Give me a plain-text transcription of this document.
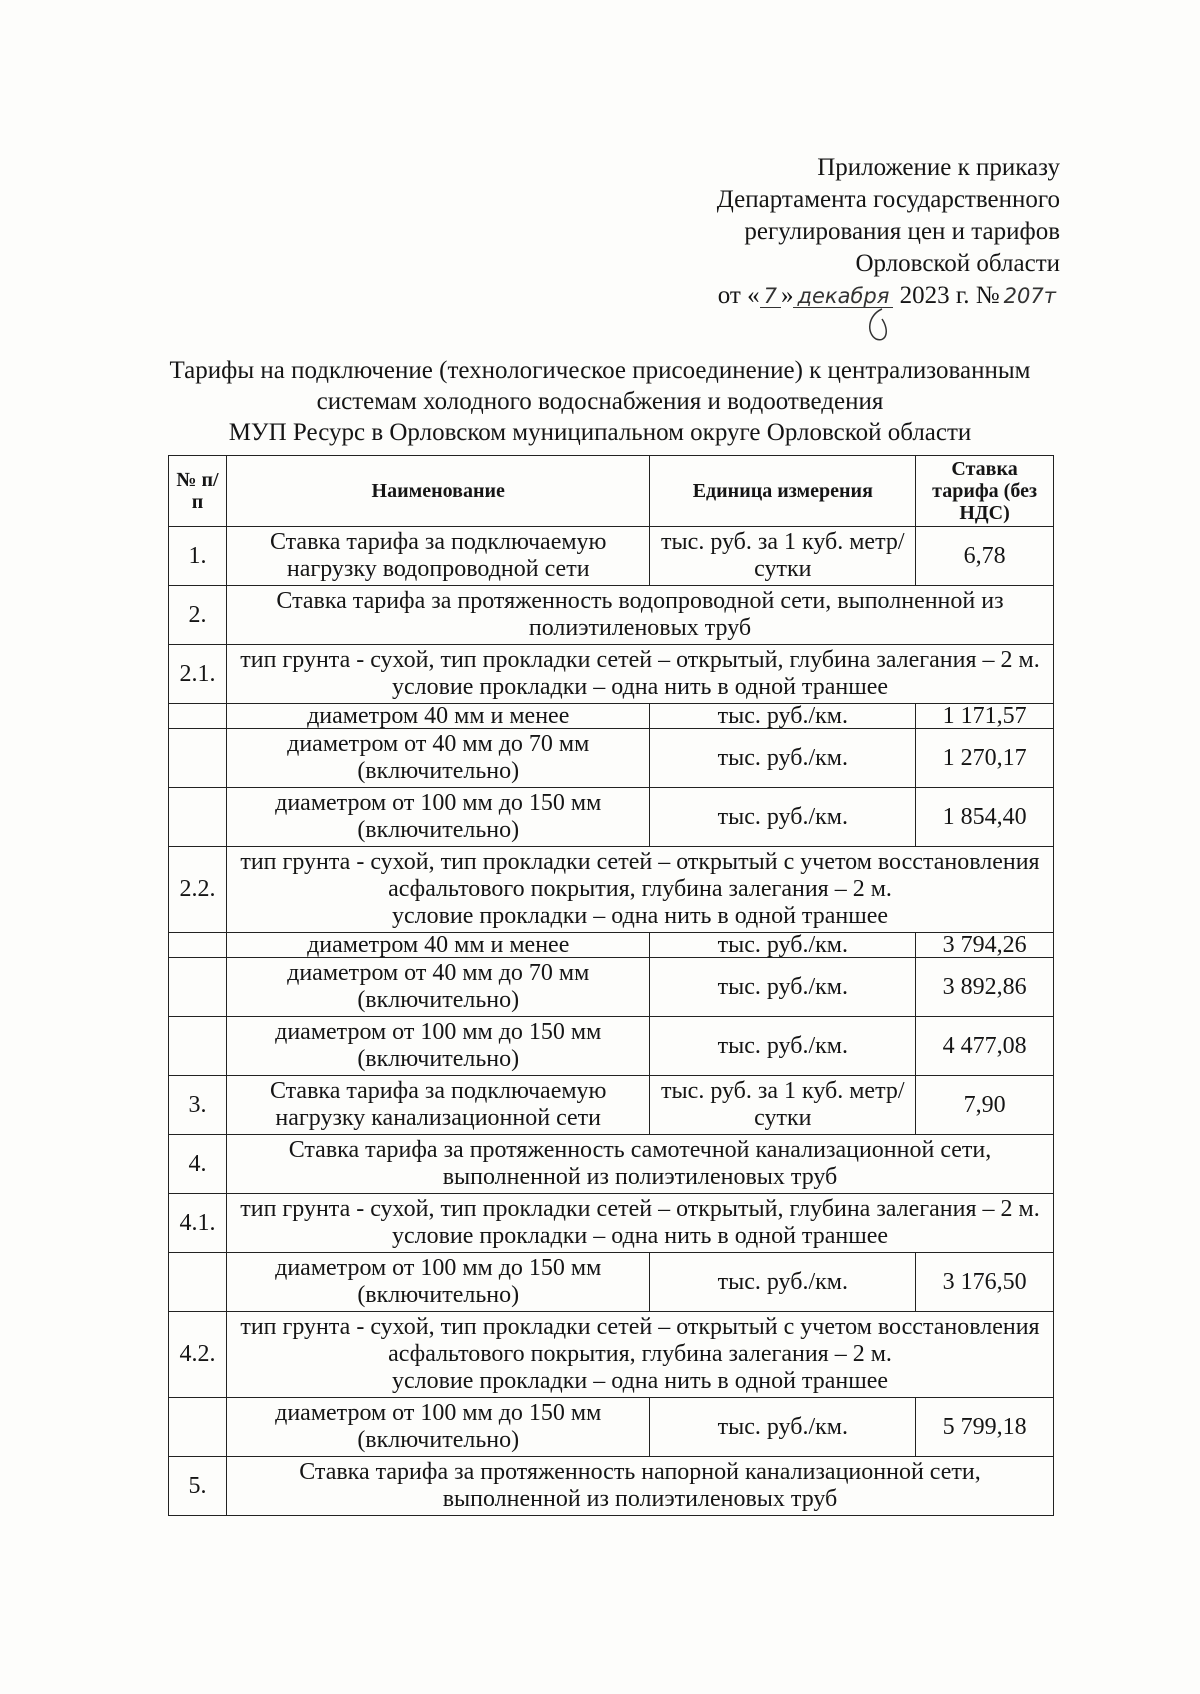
Приложение к приказу
Департамента государственного
регулирования цен и тарифов
Орловской области
от « 7 » декабря 2023 г. № 207т
Тарифы на подключение (технологическое присоединение) к централизованным
системам холодного водоснабжения и водоотведения
МУП Ресурс в Орловском муниципальном округе Орловской области
№ п/п	Наименование	Единица измерения	Ставка тарифа (без НДС)
1.	Ставка тарифа за подключаемую нагрузку водопроводной сети	тыс. руб. за 1 куб. метр/сутки	6,78
2.	Ставка тарифа за протяженность водопроводной сети, выполненной из полиэтиленовых труб		
2.1.	тип грунта - сухой, тип прокладки сетей – открытый, глубина залегания – 2 м.
условие прокладки – одна нить в одной траншее		

	диаметром 40 мм и менее	тыс. руб./км.	1 171,57
	диаметром от 40 мм до 70 мм (включительно)	тыс. руб./км.	1 270,17
	диаметром от 100 мм до 150 мм (включительно)	тыс. руб./км.	1 854,40
2.2.	тип грунта - сухой, тип прокладки сетей – открытый с учетом восстановления асфальтового покрытия, глубина залегания – 2 м.
условие прокладки – одна нить в одной траншее		

	диаметром 40 мм и менее	тыс. руб./км.	3 794,26
	диаметром от 40 мм до 70 мм (включительно)	тыс. руб./км.	3 892,86
	диаметром от 100 мм до 150 мм (включительно)	тыс. руб./км.	4 477,08
3.	Ставка тарифа за подключаемую нагрузку канализационной сети	тыс. руб. за 1 куб. метр/сутки	7,90
4.	Ставка тарифа за протяженность самотечной канализационной сети, выполненной из полиэтиленовых труб		
4.1.	тип грунта - сухой, тип прокладки сетей – открытый, глубина залегания – 2 м.
условие прокладки – одна нить в одной траншее		

	диаметром от 100 мм до 150 мм (включительно)	тыс. руб./км.	3 176,50
4.2.	тип грунта - сухой, тип прокладки сетей – открытый с учетом восстановления асфальтового покрытия, глубина залегания – 2 м.
условие прокладки – одна нить в одной траншее		

	диаметром от 100 мм до 150 мм (включительно)	тыс. руб./км.	5 799,18
5.	Ставка тарифа за протяженность напорной канализационной сети, выполненной из полиэтиленовых труб		
